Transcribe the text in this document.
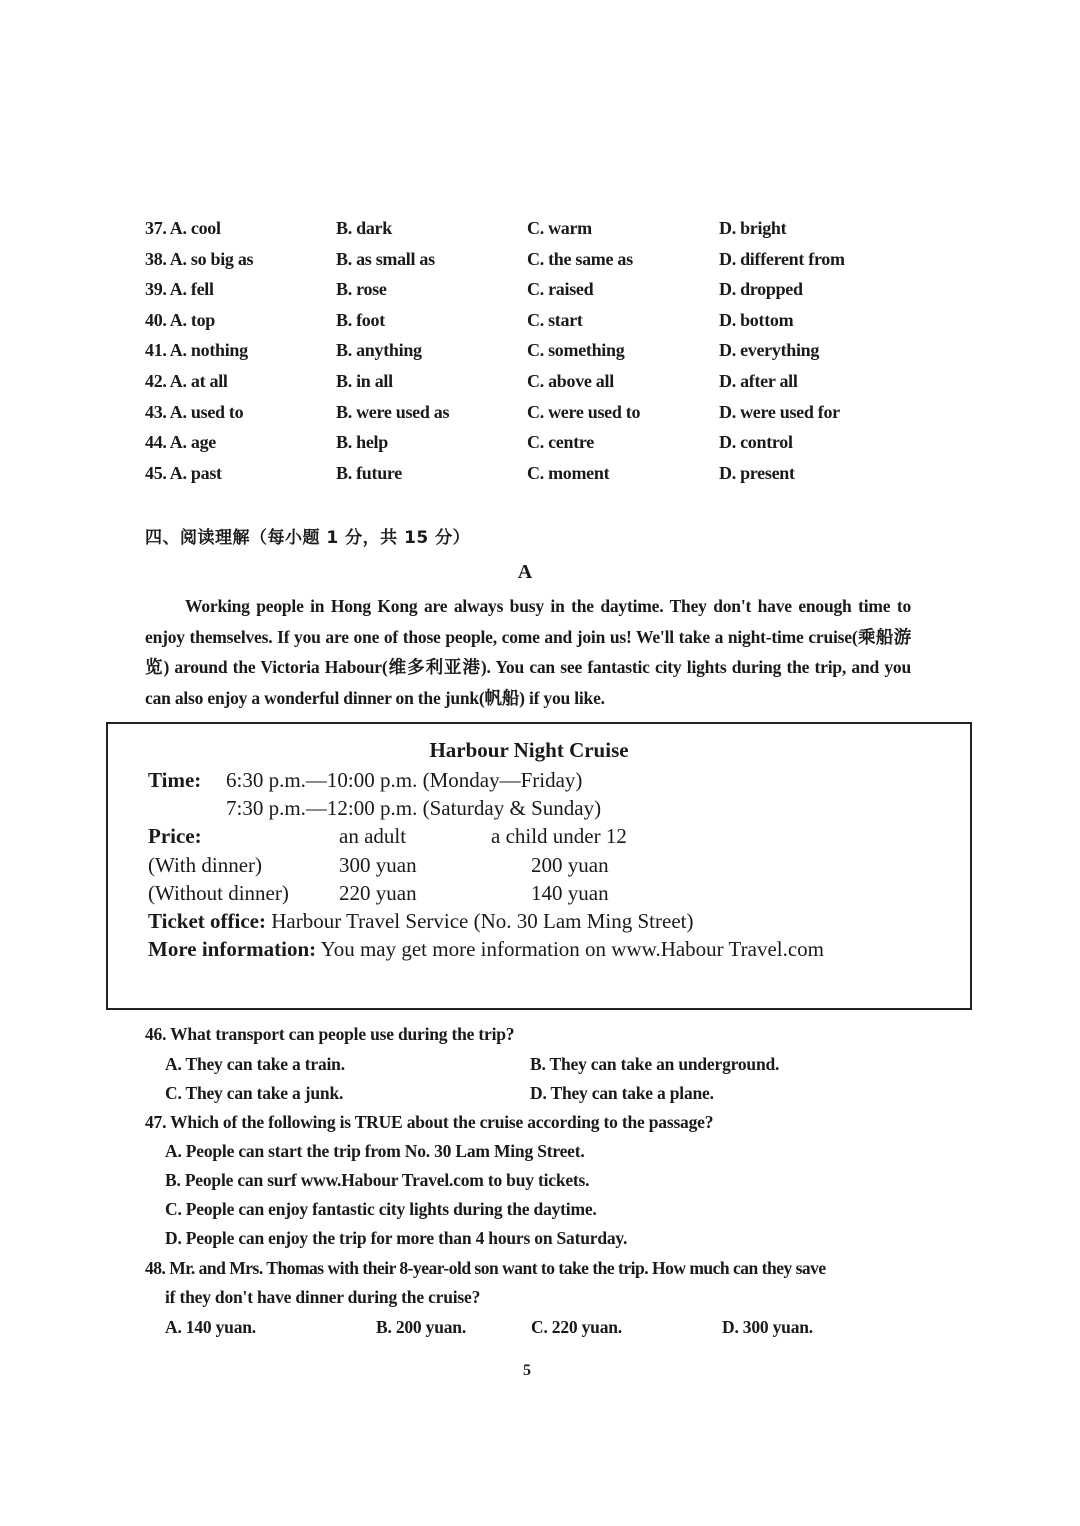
37. A. cool	B. dark	C. warm	D. bright
38. A. so big as	B. as small as	C. the same as	D. different from
39. A. fell	B. rose	C. raised	D. dropped
40. A. top	B. foot	C. start	D. bottom
41. A. nothing	B. anything	C. something	D. everything
42. A. at all	B. in all	C. above all	D. after all
43. A. used to	B. were used as	C. were used to	D. were used for
44. A. age	B. help	C. centre	D. control
45. A. past	B. future	C. moment	D. present
四、阅读理解（每小题 1 分，共 15 分）
A
Working people in Hong Kong are always busy in the daytime. They don't have enough time to enjoy themselves. If you are one of those people, come and join us! We'll take a night-time cruise(乘船游览) around the Victoria Habour(维多利亚港). You can see fantastic city lights during the trip, and you can also enjoy a wonderful dinner on the junk(帆船) if you like.
Harbour Night Cruise
Time: 6:30 p.m.—10:00 p.m. (Monday—Friday)
7:30 p.m.—12:00 p.m. (Saturday & Sunday)
Price:	an adult	a child under 12
(With dinner)	300 yuan	200 yuan
(Without dinner) 220 yuan	140 yuan
Ticket office: Harbour Travel Service (No. 30 Lam Ming Street)
More information: You may get more information on www.Habour Travel.com
46. What transport can people use during the trip?
A. They can take a train.	B. They can take an underground.
C. They can take a junk.	D. They can take a plane.
47. Which of the following is TRUE about the cruise according to the passage?
A. People can start the trip from No. 30 Lam Ming Street.
B. People can surf www.Habour Travel.com to buy tickets.
C. People can enjoy fantastic city lights during the daytime.
D. People can enjoy the trip for more than 4 hours on Saturday.
48. Mr. and Mrs. Thomas with their 8-year-old son want to take the trip. How much can they save
if they don't have dinner during the cruise?
A. 140 yuan.	B. 200 yuan.	C. 220 yuan.	D. 300 yuan.
5
